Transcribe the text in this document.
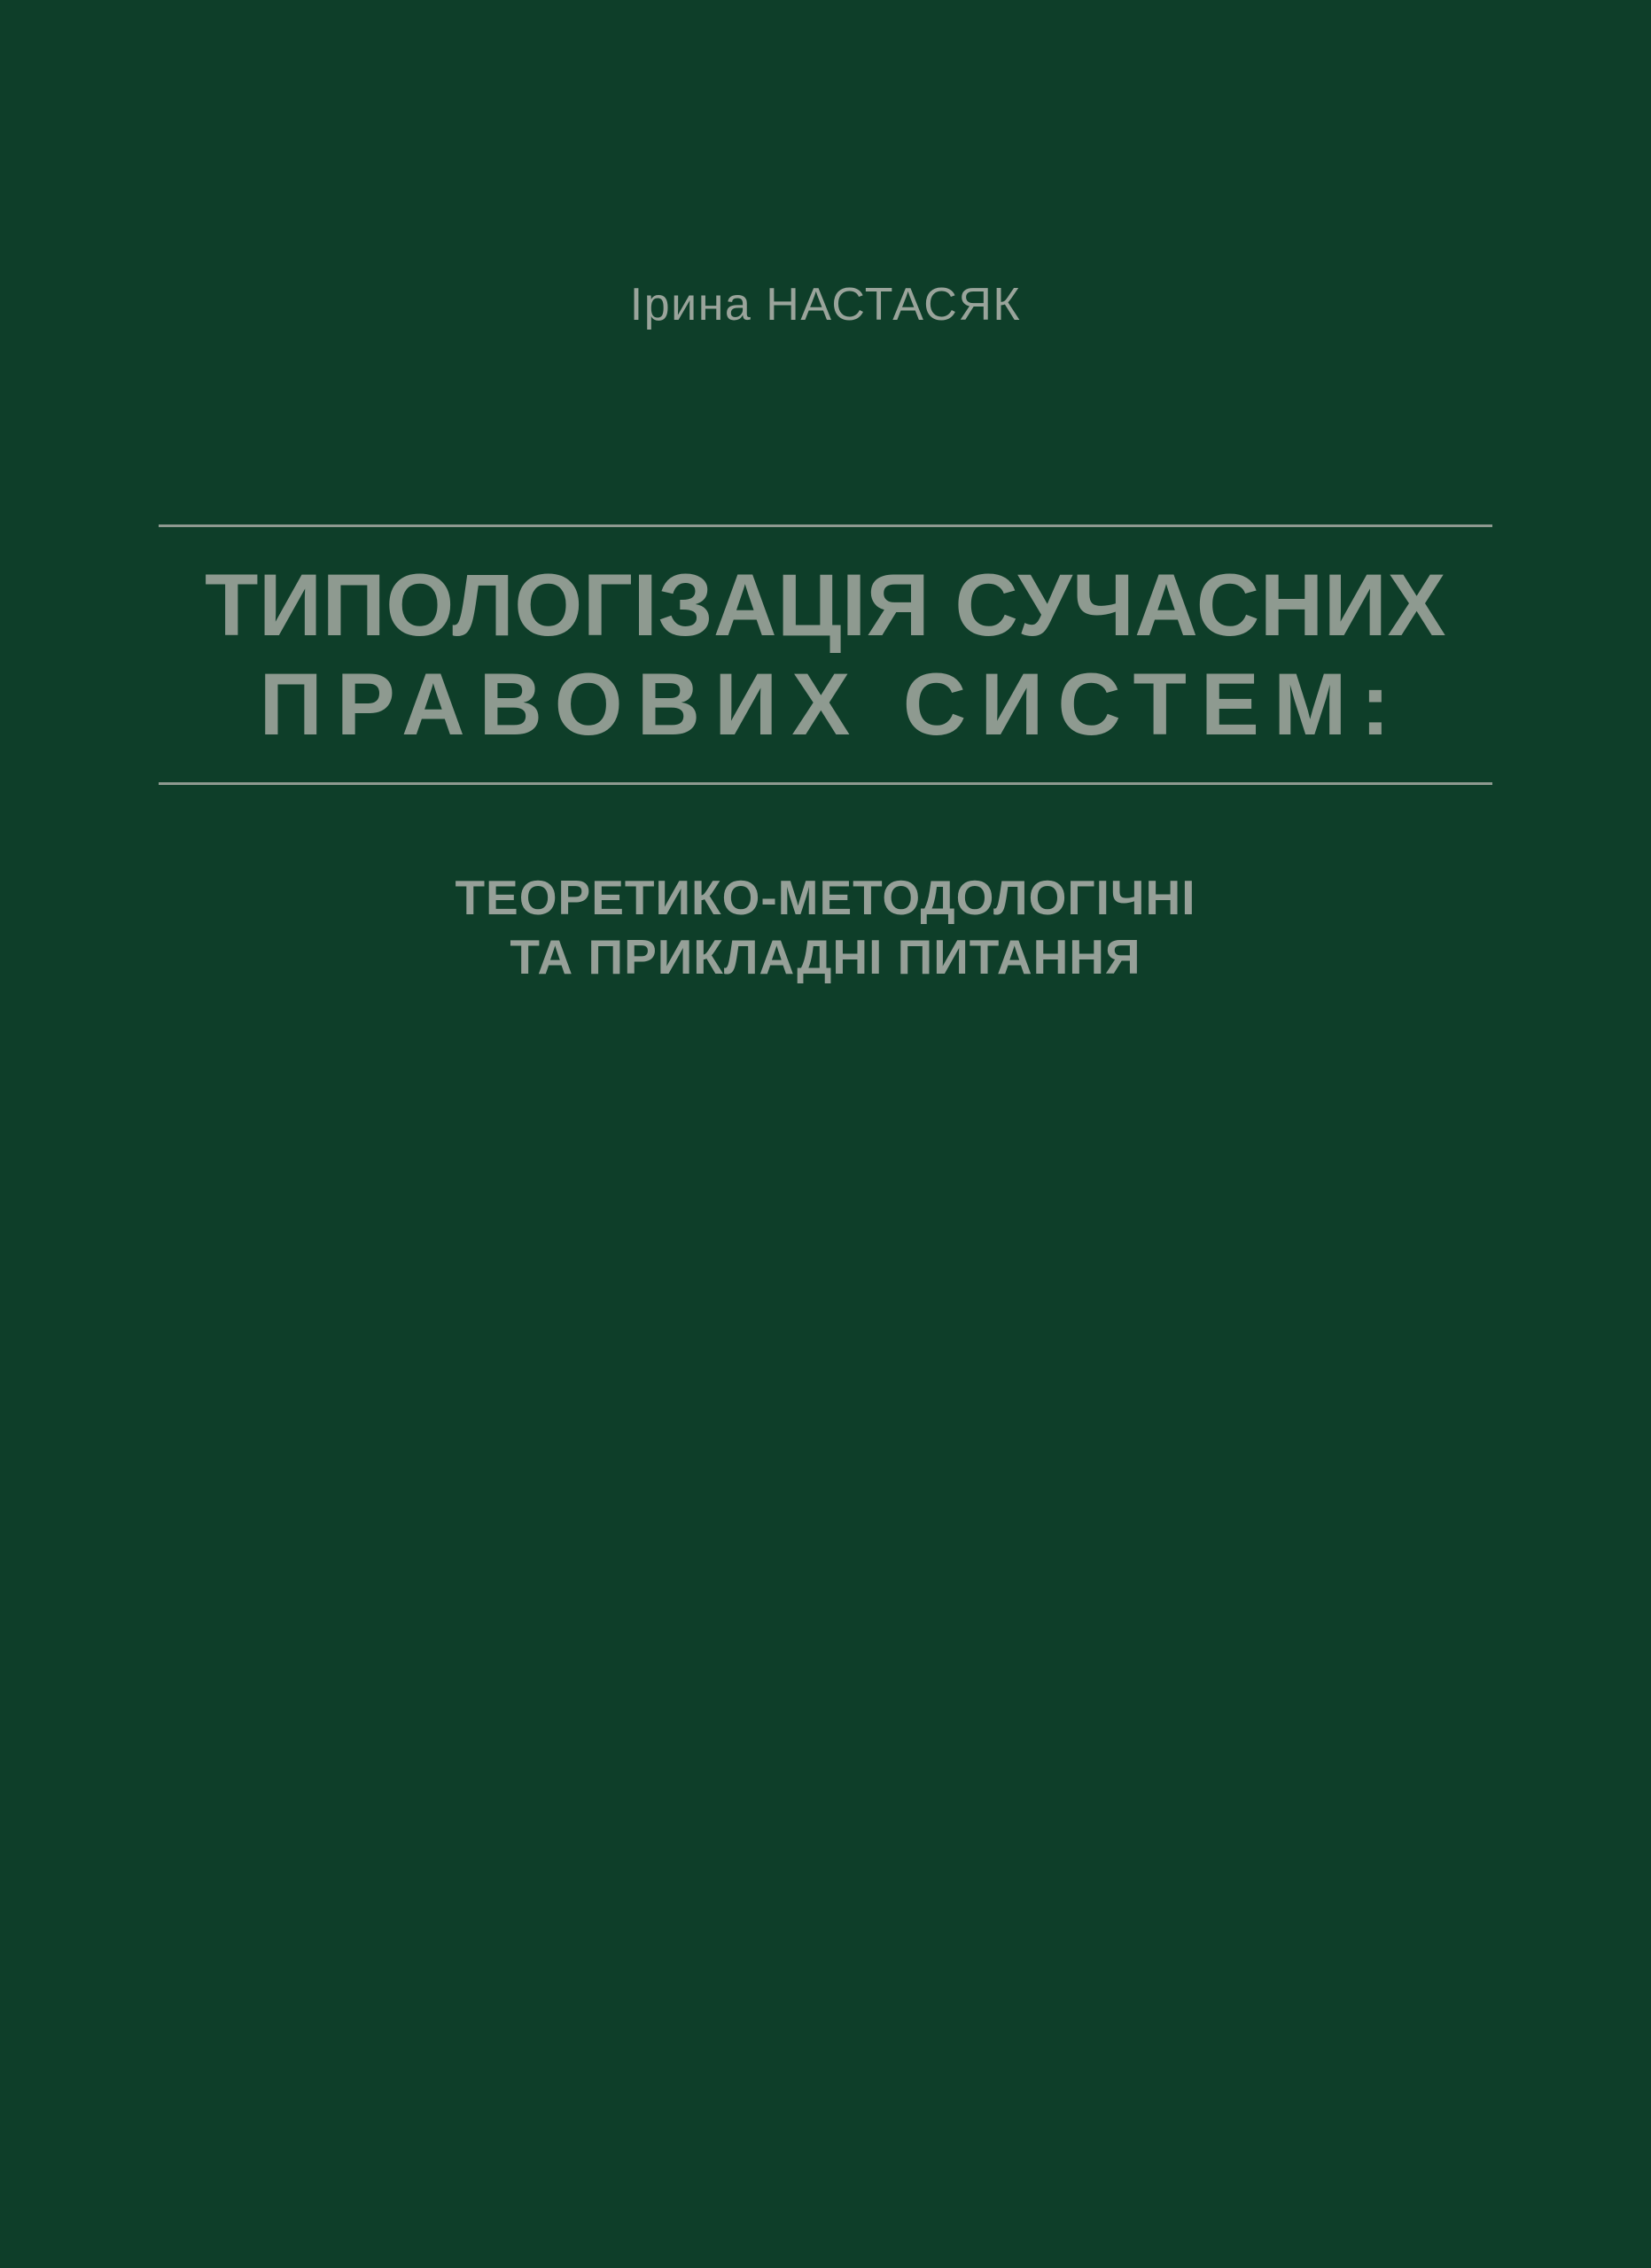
Ірина НАСТАСЯК
ТИПОЛОГІЗАЦІЯ СУЧАСНИХ
ПРАВОВИХ СИСТЕМ:
ТЕОРЕТИКО-МЕТОДОЛОГІЧНІ
ТА ПРИКЛАДНІ ПИТАННЯ
